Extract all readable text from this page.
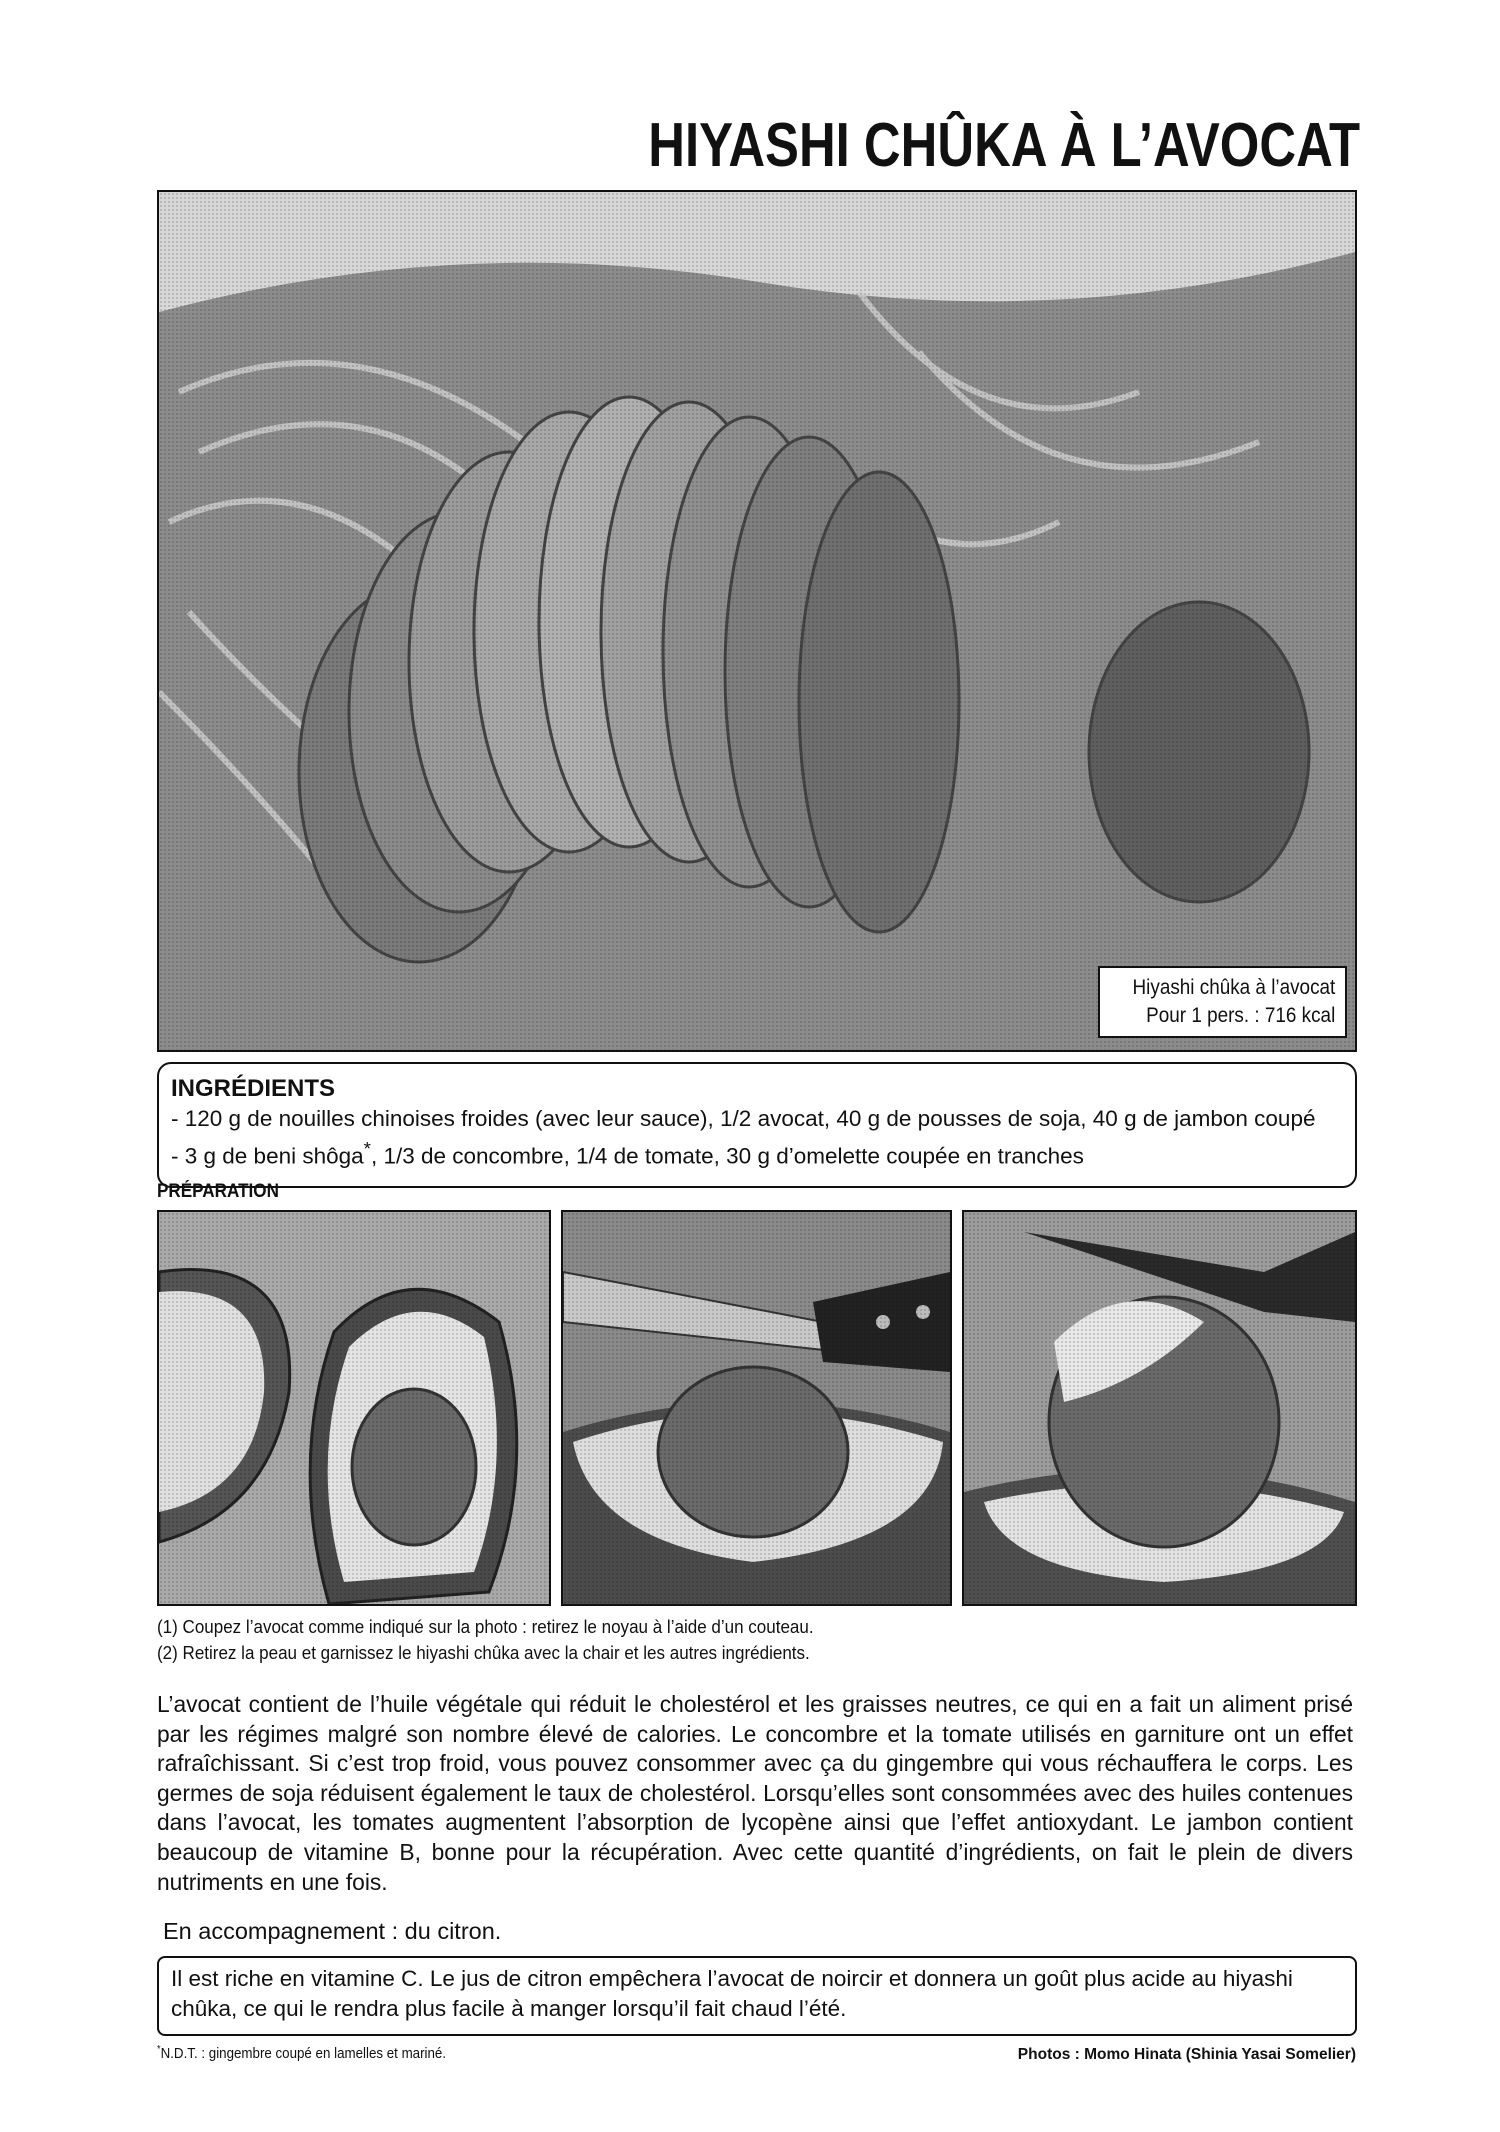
HIYASHI CHÛKA À L’AVOCAT
Hiyashi chûka à l’avocat
Pour 1 pers. : 716 kcal
INGRÉDIENTS
- 120 g de nouilles chinoises froides (avec leur sauce), 1/2 avocat, 40 g de pousses de soja, 40 g de jambon coupé
- 3 g de beni shôga*, 1/3 de concombre, 1/4 de tomate, 30 g d’omelette coupée en tranches
PRÉPARATION
(1) Coupez l’avocat comme indiqué sur la photo : retirez le noyau à l’aide d’un couteau.
(2) Retirez la peau et garnissez le hiyashi chûka avec la chair et les autres ingrédients.
L’avocat contient de l’huile végétale qui réduit le cholestérol et les graisses neutres, ce qui en a fait un aliment prisé par les régimes malgré son nombre élevé de calories. Le concombre et la tomate utilisés en garniture ont un effet rafraîchissant. Si c’est trop froid, vous pouvez consommer avec ça du gingembre qui vous réchauffera le corps. Les germes de soja réduisent également le taux de cholestérol. Lorsqu’elles sont consommées avec des huiles contenues dans l’avocat, les tomates augmentent l’absorption de lycopène ainsi que l’effet antioxydant. Le jambon contient beaucoup de vitamine B, bonne pour la récupération. Avec cette quantité d’ingrédients, on fait le plein de divers nutriments en une fois.
En accompagnement : du citron.
Il est riche en vitamine C. Le jus de citron empêchera l’avocat de noircir et donnera un goût plus acide au hiyashi chûka, ce qui le rendra plus facile à manger lorsqu’il fait chaud l’été.
*N.D.T. : gingembre coupé en lamelles et mariné.	Photos : Momo Hinata (Shinia Yasai Somelier)
